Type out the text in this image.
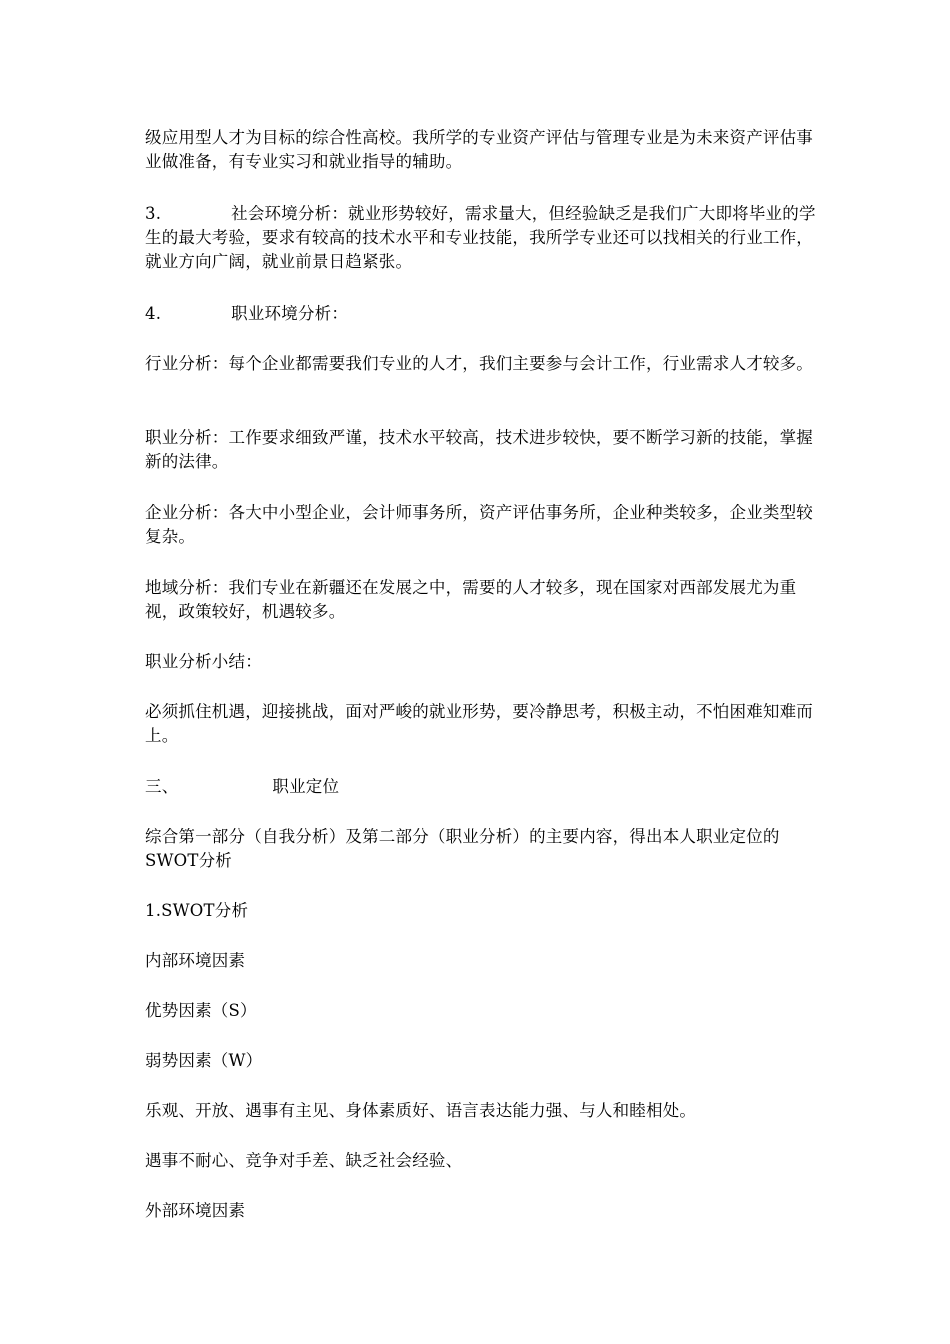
级应用型人才为目标的综合性高校。我所学的专业资产评估与管理专业是为未来资产评估事业做准备，有专业实习和就业指导的辅助。

3.	社会环境分析：就业形势较好，需求量大，但经验缺乏是我们广大即将毕业的学生的最大考验，要求有较高的技术水平和专业技能，我所学专业还可以找相关的行业工作，就业方向广阔，就业前景日趋紧张。

4.	职业环境分析：

行业分析：每个企业都需要我们专业的人才，我们主要参与会计工作，行业需求人才较多。

职业分析：工作要求细致严谨，技术水平较高，技术进步较快，要不断学习新的技能，掌握新的法律。

企业分析：各大中小型企业，会计师事务所，资产评估事务所，企业种类较多，企业类型较复杂。

地域分析：我们专业在新疆还在发展之中，需要的人才较多，现在国家对西部发展尤为重视，政策较好，机遇较多。

职业分析小结：

必须抓住机遇，迎接挑战，面对严峻的就业形势，要冷静思考，积极主动，不怕困难知难而上。

三、	职业定位

综合第一部分（自我分析）及第二部分（职业分析）的主要内容，得出本人职业定位的SWOT分析

1.SWOT分析

内部环境因素

优势因素（S）

弱势因素（W）

乐观、开放、遇事有主见、身体素质好、语言表达能力强、与人和睦相处。

遇事不耐心、竞争对手差、缺乏社会经验、

外部环境因素
